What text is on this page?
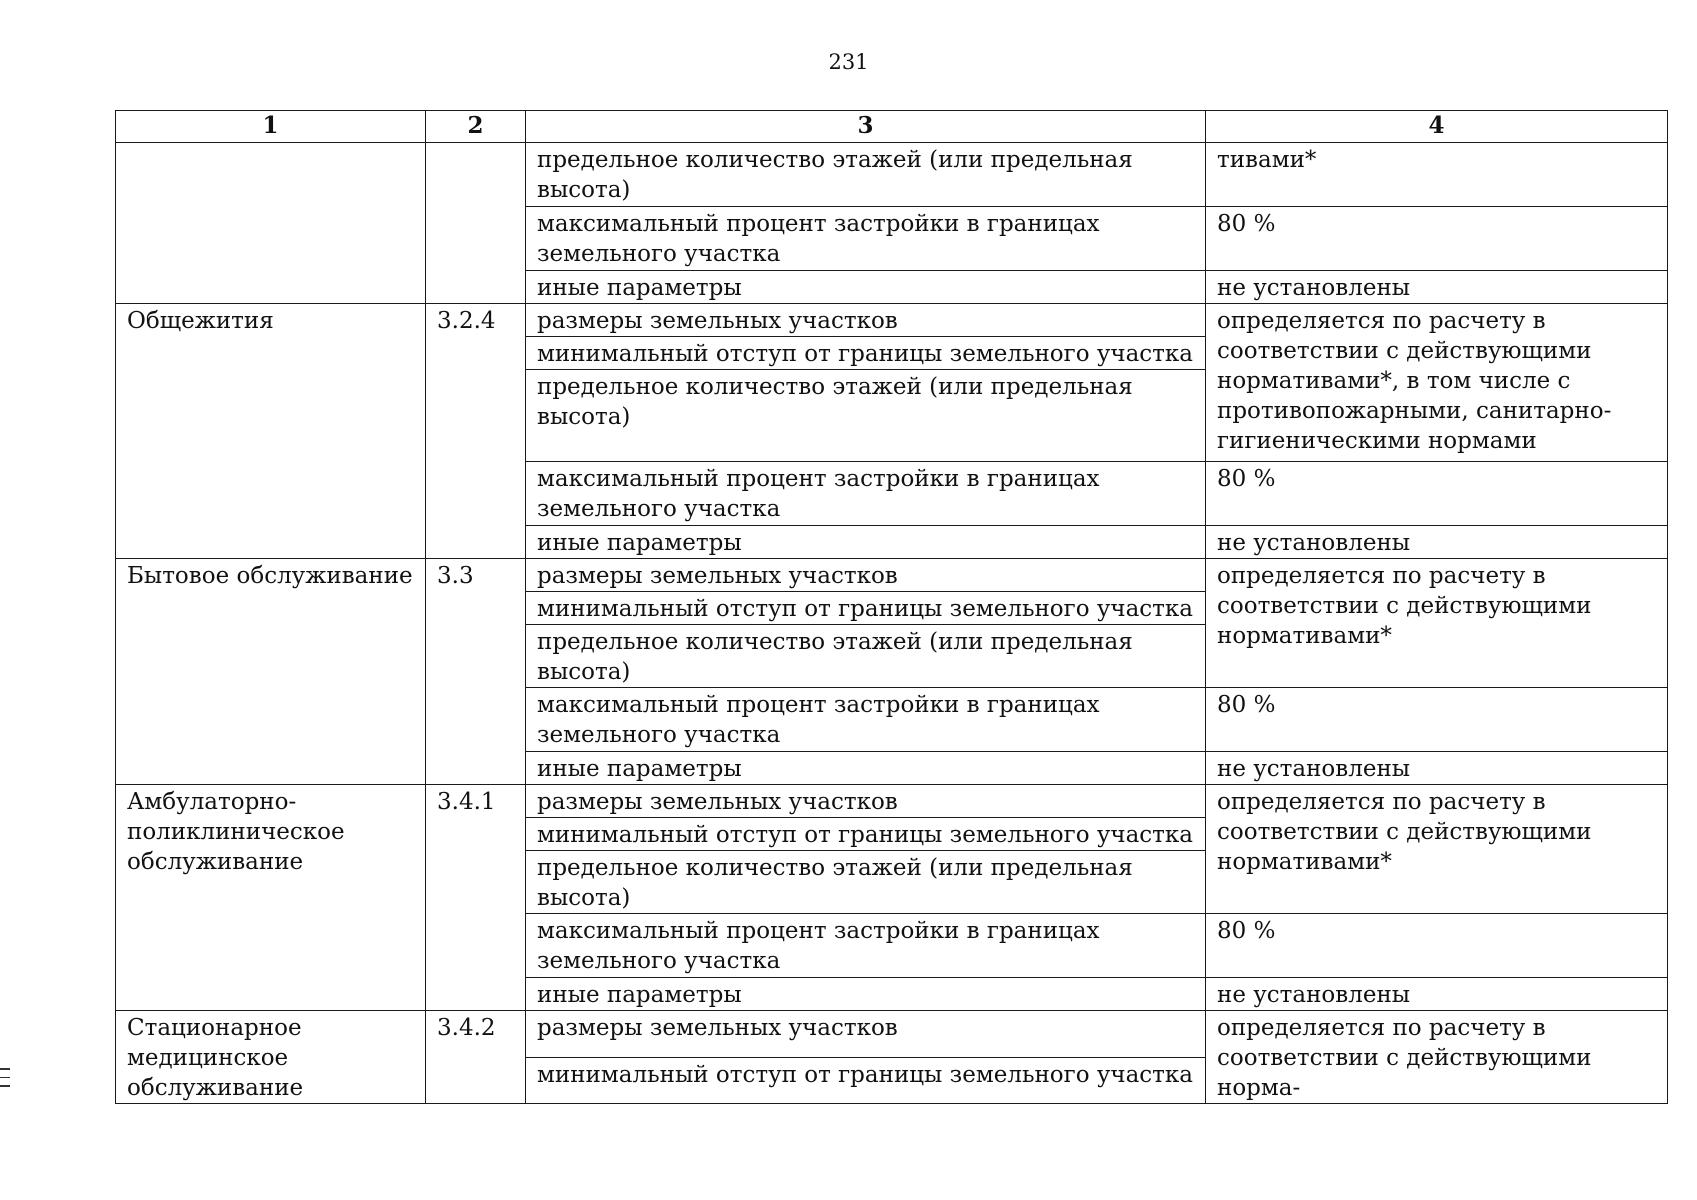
231
1	2	3	4
		предельное количество этажей (или предельная высота)	тивами*
		максимальный процент застройки в границах земельного участка	80 %
		иные параметры	не установлены
Общежития	3.2.4	размеры земельных участков	определяется по расчету в соответствии с действующими нормативами*, в том числе с противопожарными, санитарно-гигиеническими нормами
		минимальный отступ от границы земельного участка	
		предельное количество этажей (или предельная высота)	
		максимальный процент застройки в границах земельного участка	80 %
		иные параметры	не установлены
Бытовое обслуживание	3.3	размеры земельных участков	определяется по расчету в соответствии с действующими нормативами*
		минимальный отступ от границы земельного участка	
		предельное количество этажей (или предельная высота)	
		максимальный процент застройки в границах земельного участка	80 %
		иные параметры	не установлены
Амбулаторно-поликлиническое обслуживание	3.4.1	размеры земельных участков	определяется по расчету в соответствии с действующими нормативами*
		минимальный отступ от границы земельного участка	
		предельное количество этажей (или предельная высота)	
		максимальный процент застройки в границах земельного участка	80 %
		иные параметры	не установлены
Стационарное медицинское обслуживание	3.4.2	размеры земельных участков	определяется по расчету в соответствии с действующими норма-
		минимальный отступ от границы земельного участка	
